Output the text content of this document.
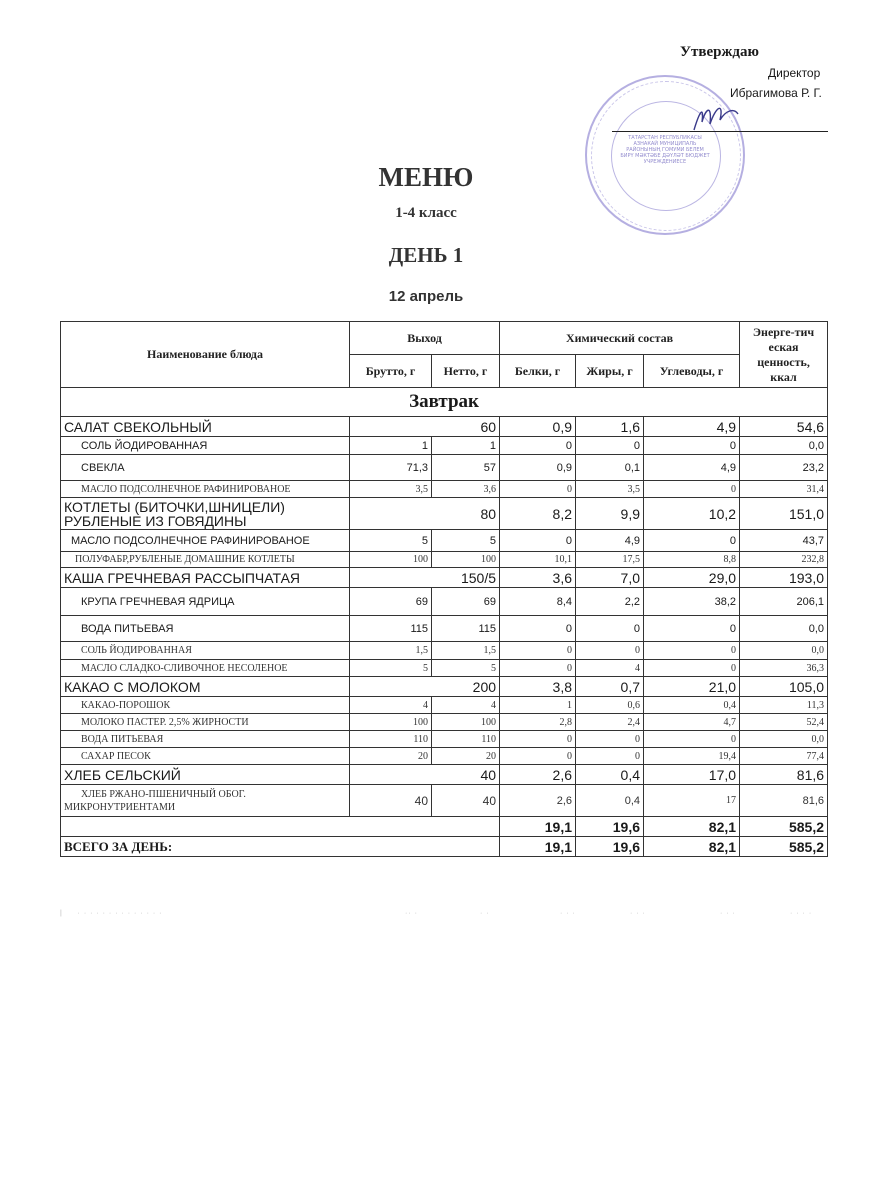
ТАТАРСТАН РЕСПУБЛИКАСЫ АЗНАКАЙ МУНИЦИПАЛЬ РАЙОНЫНЫҢ ГОМУМИ БЕЛЕМ БИРҮ МӘКТӘБЕ ДӘҮЛӘТ БЮДЖЕТ УЧРЕЖДЕНИЕСЕ
Утверждаю
Директор
Ибрагимова Р. Г.
МЕНЮ
1-4 класс
ДЕНЬ 1
12 апрель
Наименование блюда	Выход		Химический состав			Энерге-тич еская ценность, ккал
	Брутто, г	Нетто, г	Белки, г	Жиры, г	Углеводы, г	
Завтрак						
САЛАТ СВЕКОЛЬНЫЙ	60		0,9	1,6	4,9	54,6
СОЛЬ ЙОДИРОВАННАЯ	1	1	0	0	0	0,0
СВЕКЛА	71,3	57	0,9	0,1	4,9	23,2
МАСЛО ПОДСОЛНЕЧНОЕ РАФИНИРОВАНОЕ	3,5	3,6	0	3,5	0	31,4
КОТЛЕТЫ (БИТОЧКИ,ШНИЦЕЛИ) РУБЛЕНЫЕ ИЗ ГОВЯДИНЫ	80		8,2	9,9	10,2	151,0
МАСЛО ПОДСОЛНЕЧНОЕ РАФИНИРОВАНОЕ	5	5	0	4,9	0	43,7
ПОЛУФАБР,РУБЛЕНЫЕ ДОМАШНИЕ КОТЛЕТЫ	100	100	10,1	17,5	8,8	232,8
КАША ГРЕЧНЕВАЯ РАССЫПЧАТАЯ	150/5		3,6	7,0	29,0	193,0
КРУПА ГРЕЧНЕВАЯ ЯДРИЦА	69	69	8,4	2,2	38,2	206,1
ВОДА ПИТЬЕВАЯ	115	115	0	0	0	0,0
СОЛЬ ЙОДИРОВАННАЯ	1,5	1,5	0	0	0	0,0
МАСЛО СЛАДКО-СЛИВОЧНОЕ НЕСОЛЕНОЕ	5	5	0	4	0	36,3
КАКАО С МОЛОКОМ	200		3,8	0,7	21,0	105,0
КАКАО-ПОРОШОК	4	4	1	0,6	0,4	11,3
МОЛОКО ПАСТЕР. 2,5% ЖИРНОСТИ	100	100	2,8	2,4	4,7	52,4
ВОДА ПИТЬЕВАЯ	110	110	0	0	0	0,0
САХАР ПЕСОК	20	20	0	0	19,4	77,4
ХЛЕБ СЕЛЬСКИЙ	40		2,6	0,4	17,0	81,6
ХЛЕБ РЖАНО-ПШЕНИЧНЫЙ ОБОГ. МИКРОНУТРИЕНТАМИ	40	40	2,6	0,4	17	81,6
			19,1	19,6	82,1	585,2
ВСЕГО ЗА ДЕНЬ:			19,1	19,6	82,1	585,2
|     · · · · · · · · · · · · · ·	·· ·	· ·	· · ·	· · ·	· · ·	· · · ·
